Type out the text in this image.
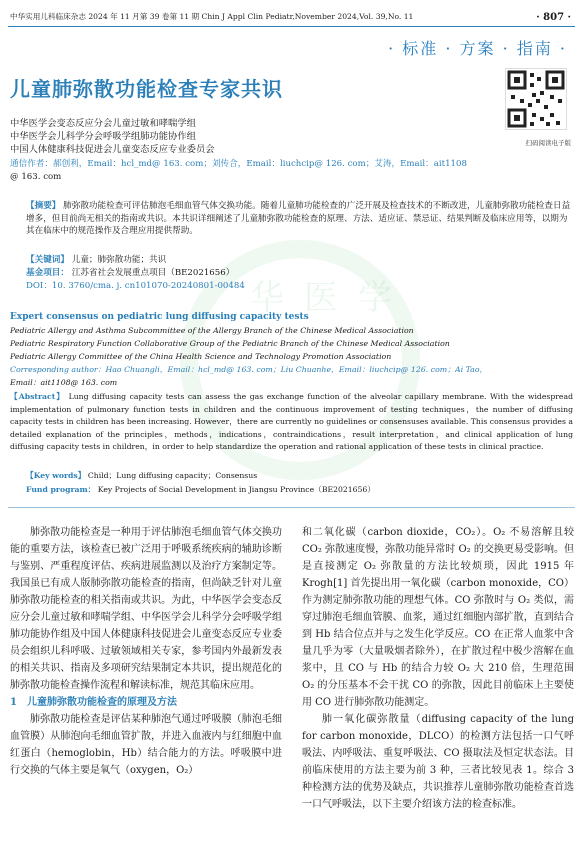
华医学
中华实用儿科临床杂志 2024 年 11 月第 39 卷第 11 期 Chin J Appl Clin Pediatr,November 2024,Vol. 39,No. 11	· 807 ·
· 标准 · 方案 · 指南 ·
儿童肺弥散功能检查专家共识
扫码阅读电子版
中华医学会变态反应分会儿童过敏和哮喘学组
中华医学会儿科学分会呼吸学组肺功能协作组
中国人体健康科技促进会儿童变态反应专业委员会
通信作者：郝创利，Email：hcl_md@ 163. com；刘传合，Email：liuchcip@ 126. com；艾涛，Email：ait1108
@ 163. com
【摘要】 肺弥散功能检查可评估肺泡毛细血管气体交换功能。随着儿童肺功能检查的广泛开展及检查技术的不断改进，儿童肺弥散功能检查日益增多，但目前尚无相关的指南或共识。本共识详细阐述了儿童肺弥散功能检查的原理、方法、适应证、禁忌证、结果判断及临床应用等，以期为其在临床中的规范操作及合理应用提供帮助。
【关键词】 儿童；肺弥散功能；共识
基金项目： 江苏省社会发展重点项目（BE2021656）
DOI：10. 3760/cma. j. cn101070-20240801-00484
Expert consensus on pediatric lung diffusing capacity tests
Pediatric Allergy and Asthma Subcommittee of the Allergy Branch of the Chinese Medical Association
Pediatric Respiratory Function Collaborative Group of the Pediatric Branch of the Chinese Medical Association
Pediatric Allergy Committee of the China Health Science and Technology Promotion Association
Corresponding author：Hao Chuangli，Email：hcl_md@ 163. com；Liu Chuanhe，Email：liuchcip@ 126. com；Ai Tao，
Email：ait1108@ 163. com
【Abstract】 Lung diffusing capacity tests can assess the gas exchange function of the alveolar capillary membrane. With the widespread implementation of pulmonary function tests in children and the continuous improvement of testing techniques，the number of diffusing capacity tests in children has been increasing. However，there are currently no guidelines or consensuses available. This consensus provides a detailed explanation of the principles，methods，indications，contraindications，result interpretation，and clinical application of lung diffusing capacity tests in children，in order to help standardize the operation and rational application of these tests in clinical practice.
【Key words】 Child；Lung diffusing capacity；Consensus
Fund program： Key Projects of Social Development in Jiangsu Province（BE2021656）

肺弥散功能检查是一种用于评估肺泡毛细血管气体交换功能的重要方法，该检查已被广泛用于呼吸系统疾病的辅助诊断与鉴别、严重程度评估、疾病进展监测以及治疗方案制定等。我国虽已有成人版肺弥散功能检查的指南，但尚缺乏针对儿童肺弥散功能检查的相关指南或共识。为此，中华医学会变态反应分会儿童过敏和哮喘学组、中华医学会儿科学分会呼吸学组肺功能协作组及中国人体健康科技促进会儿童变态反应专业委员会组织儿科呼吸、过敏领域相关专家，参考国内外最新发表的相关共识、指南及多项研究结果制定本共识，提出规范化的肺弥散功能检查操作流程和解读标准，规范其临床应用。

1　儿童肺弥散功能检查的原理及方法

肺弥散功能检查是评估某种肺泡气通过呼吸膜（肺泡毛细血管膜）从肺泡向毛细血管扩散，并进入血液内与红细胞中血红蛋白（hemoglobin，Hb）结合能力的方法。呼吸膜中进行交换的气体主要是氧气（oxygen，O₂）

和二氧化碳（carbon dioxide，CO₂）。O₂ 不易溶解且较 CO₂ 弥散速度慢，弥散功能异常时 O₂ 的交换更易受影响。但是直接测定 O₂ 弥散量的方法比较烦琐，因此 1915 年 Krogh[1] 首先提出用一氧化碳（carbon monoxide，CO）作为测定肺弥散功能的理想气体。CO 弥散时与 O₂ 类似，需穿过肺泡毛细血管膜、血浆，通过红细胞内部扩散，直到结合到 Hb 结合位点并与之发生化学反应。CO 在正常人血浆中含量几乎为零（大量吸烟者除外），在扩散过程中极少溶解在血浆中，且 CO 与 Hb 的结合力较 O₂ 大 210 倍，生理范围 O₂ 的分压基本不会干扰 CO 的弥散，因此目前临床上主要使用 CO 进行肺弥散功能测定。

肺一氧化碳弥散量（diffusing capacity of the lung for carbon monoxide，DLCO）的检测方法包括一口气呼吸法、内呼吸法、重复呼吸法、CO 摄取法及恒定状态法。目前临床使用的方法主要为前 3 种，三者比较见表 1。综合 3 种检测方法的优势及缺点，共识推荐儿童肺弥散功能检查首选一口气呼吸法，以下主要介绍该方法的检查标准。
